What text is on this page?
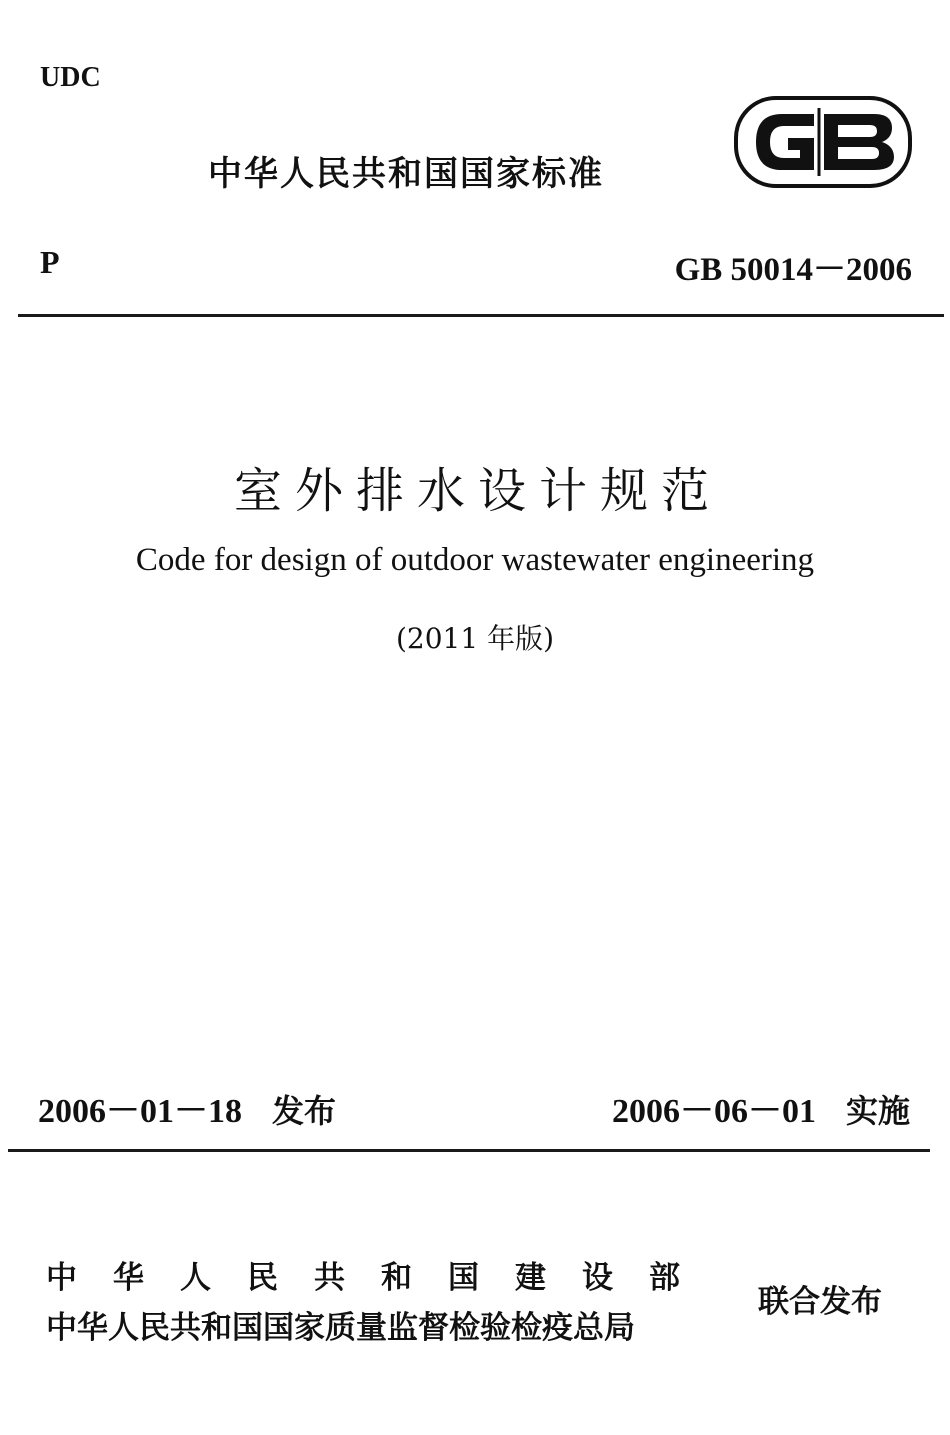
UDC
中华人民共和国国家标准
P	GB 50014－2006
室外排水设计规范
Code for design of outdoor wastewater engineering
(2011 年版)
2006－01－18 发布	2006－06－01 实施
中华人民共和国建设部
中华人民共和国国家质量监督检验检疫总局
联合发布
